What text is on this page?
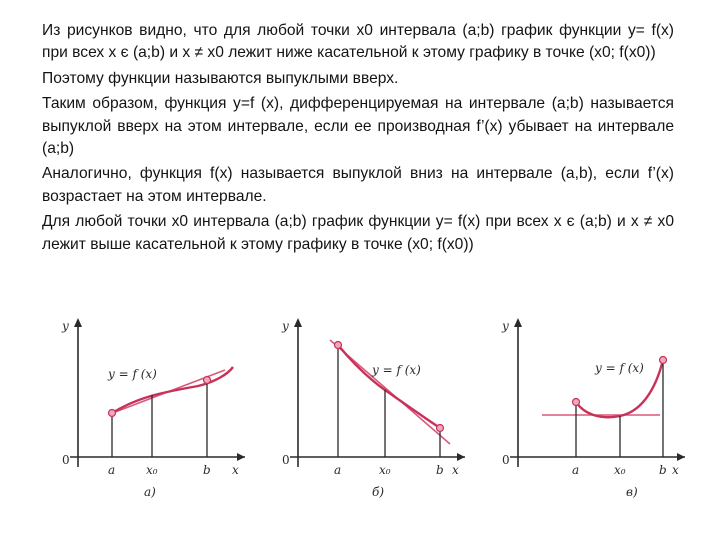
Из рисунков видно, что для любой точки x0 интервала (a;b) график функции y= f(x) при всех x є (a;b) и x ≠ x0 лежит ниже касательной к этому графику в точке (x0; f(x0))

Поэтому функции называются выпуклыми вверх.

Таким образом, функция y=f (x), дифференцируемая на интервале (a;b) называется выпуклой вверх на этом интервале, если ее производная f’(x) убывает на интервале (a;b)

Аналогично, функция f(x) называется выпуклой вниз на интервале (a,b), если f’(x) возрастает на этом интервале.

Для любой точки x0 интервала (a;b) график функции y= f(x) при всех x є (a;b) и x ≠ x0 лежит выше касательной к этому графику в точке (x0; f(x0))

y
x
0
y = f (x)
a	x₀	b
а)
y
x
0
y = f (x)
a	x₀	b
б)
y
x
0
y = f (x)
a	x₀	b
в)
